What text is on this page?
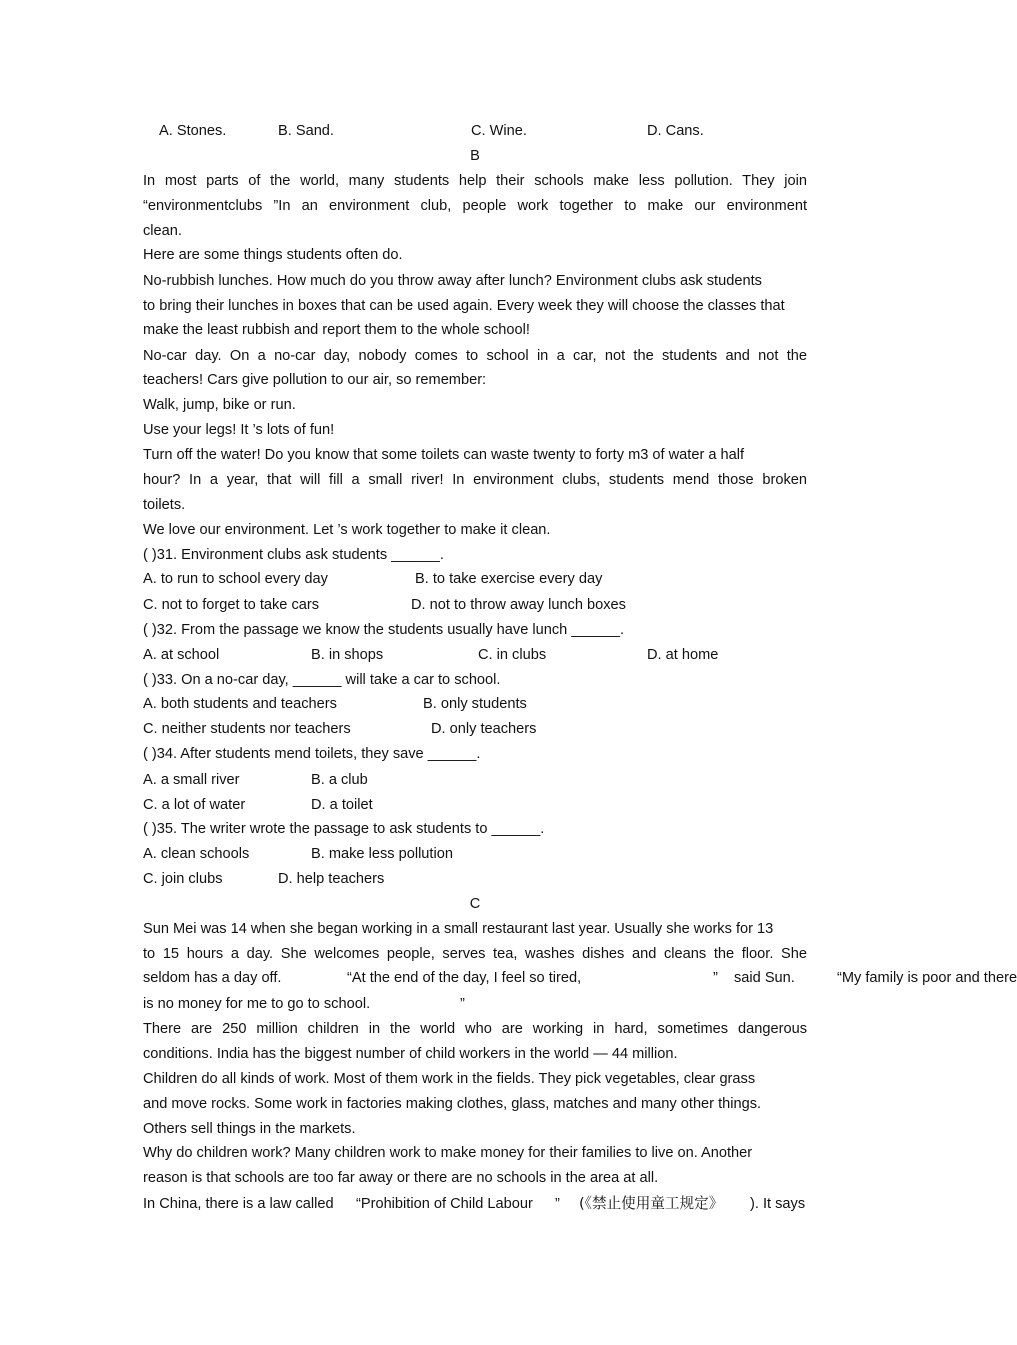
A. Stones.	B. Sand.	C. Wine.	D. Cans.
B
In most parts of the world, many students help their schools make less pollution. They join
“environmentclubs ”In an environment club, people work together to make our environment
clean.
Here are some things students often do.
No-rubbish lunches. How much do you throw away after lunch? Environment clubs ask students
to bring their lunches in boxes that can be used again. Every week they will choose the classes that
make the least rubbish and report them to the whole school!
No-car day. On a no-car day, nobody comes to school in a car, not the students and not the
teachers! Cars give pollution to our air, so remember:
Walk, jump, bike or run.
Use your legs! It ’s lots of fun!
Turn off the water! Do you know that some toilets can waste twenty to forty m3 of water a half
hour? In a year, that will fill a small river! In environment clubs, students mend those broken
toilets.
We love our environment. Let ’s work together to make it clean.
( )31. Environment clubs ask students ______.
A. to run to school every day	B. to take exercise every day
C. not to forget to take cars	D. not to throw away lunch boxes
( )32. From the passage we know the students usually have lunch ______.
A. at school	B. in shops	C. in clubs	D. at home
( )33. On a no-car day, ______ will take a car to school.
A. both students and teachers	B. only students
C. neither students nor teachers	D. only teachers
( )34. After students mend toilets, they save ______.
A. a small river	B. a club
C. a lot of water	D. a toilet
( )35. The writer wrote the passage to ask students to ______.
A. clean schools	B. make less pollution
C. join clubs	D. help teachers
C
Sun Mei was 14 when she began working in a small restaurant last year. Usually she works for 13
to 15 hours a day. She welcomes people, serves tea, washes dishes and cleans the floor. She
seldom has a day off.	“At the end of the day, I feel so tired,	” said Sun.	“My family is poor and there
is no money for me to go to school.	”
There are 250 million children in the world who are working in hard, sometimes dangerous
conditions. India has the biggest number of child workers in the world — 44 million.
Children do all kinds of work. Most of them work in the fields. They pick vegetables, clear grass
and move rocks. Some work in factories making clothes, glass, matches and many other things.
Others sell things in the markets.
Why do children work? Many children work to make money for their families to live on. Another
reason is that schools are too far away or there are no schools in the area at all.
In China, there is a law called “Prohibition of Child Labour ” (《禁止使用童工规定》 ). It says
